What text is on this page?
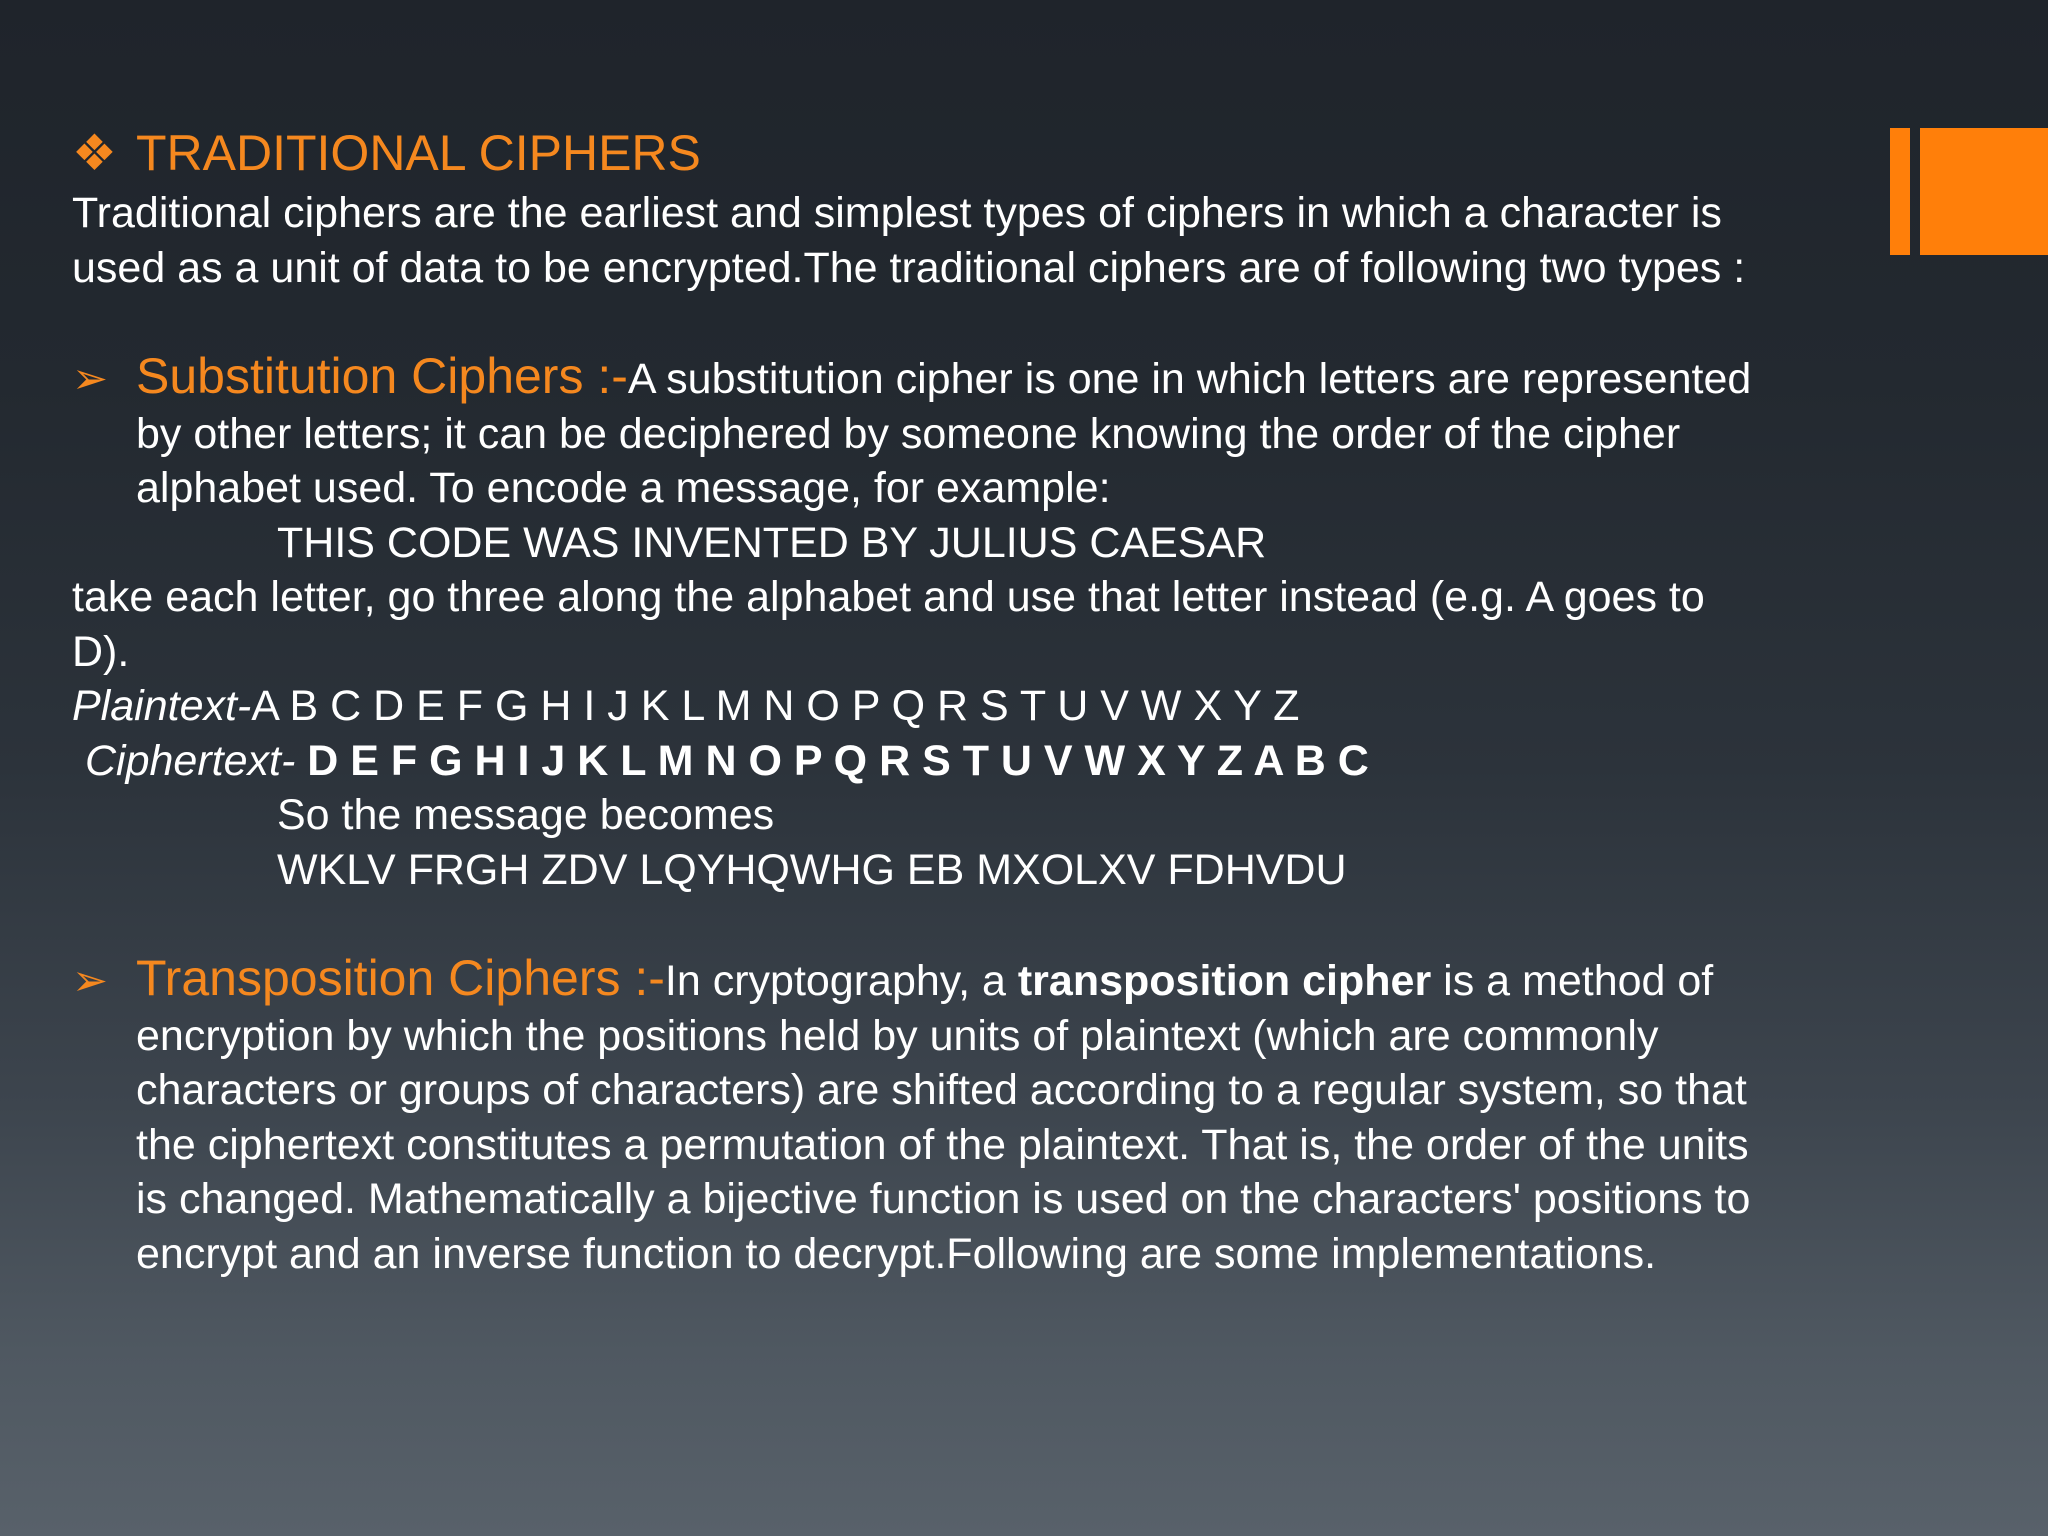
❖ TRADITIONAL CIPHERS
Traditional ciphers are the earliest and simplest types of ciphers in which a character is
used as a unit of data to be encrypted.The traditional ciphers are of following two types :
➢ Substitution Ciphers :-A substitution cipher is one in which letters are represented
by other letters; it can be deciphered by someone knowing the order of the cipher
alphabet used. To encode a message, for example:
THIS CODE WAS INVENTED BY JULIUS CAESAR
take each letter, go three along the alphabet and use that letter instead (e.g. A goes to
D).
Plaintext-A B C D E F G H I J K L M N O P Q R S T U V W X Y Z
Ciphertext- D E F G H I J K L M N O P Q R S T U V W X Y Z A B C
So the message becomes
WKLV FRGH ZDV LQYHQWHG EB MXOLXV FDHVDU
➢ Transposition Ciphers :-In cryptography, a transposition cipher is a method of
encryption by which the positions held by units of plaintext (which are commonly
characters or groups of characters) are shifted according to a regular system, so that
the ciphertext constitutes a permutation of the plaintext. That is, the order of the units
is changed. Mathematically a bijective function is used on the characters' positions to
encrypt and an inverse function to decrypt.Following are some implementations.
